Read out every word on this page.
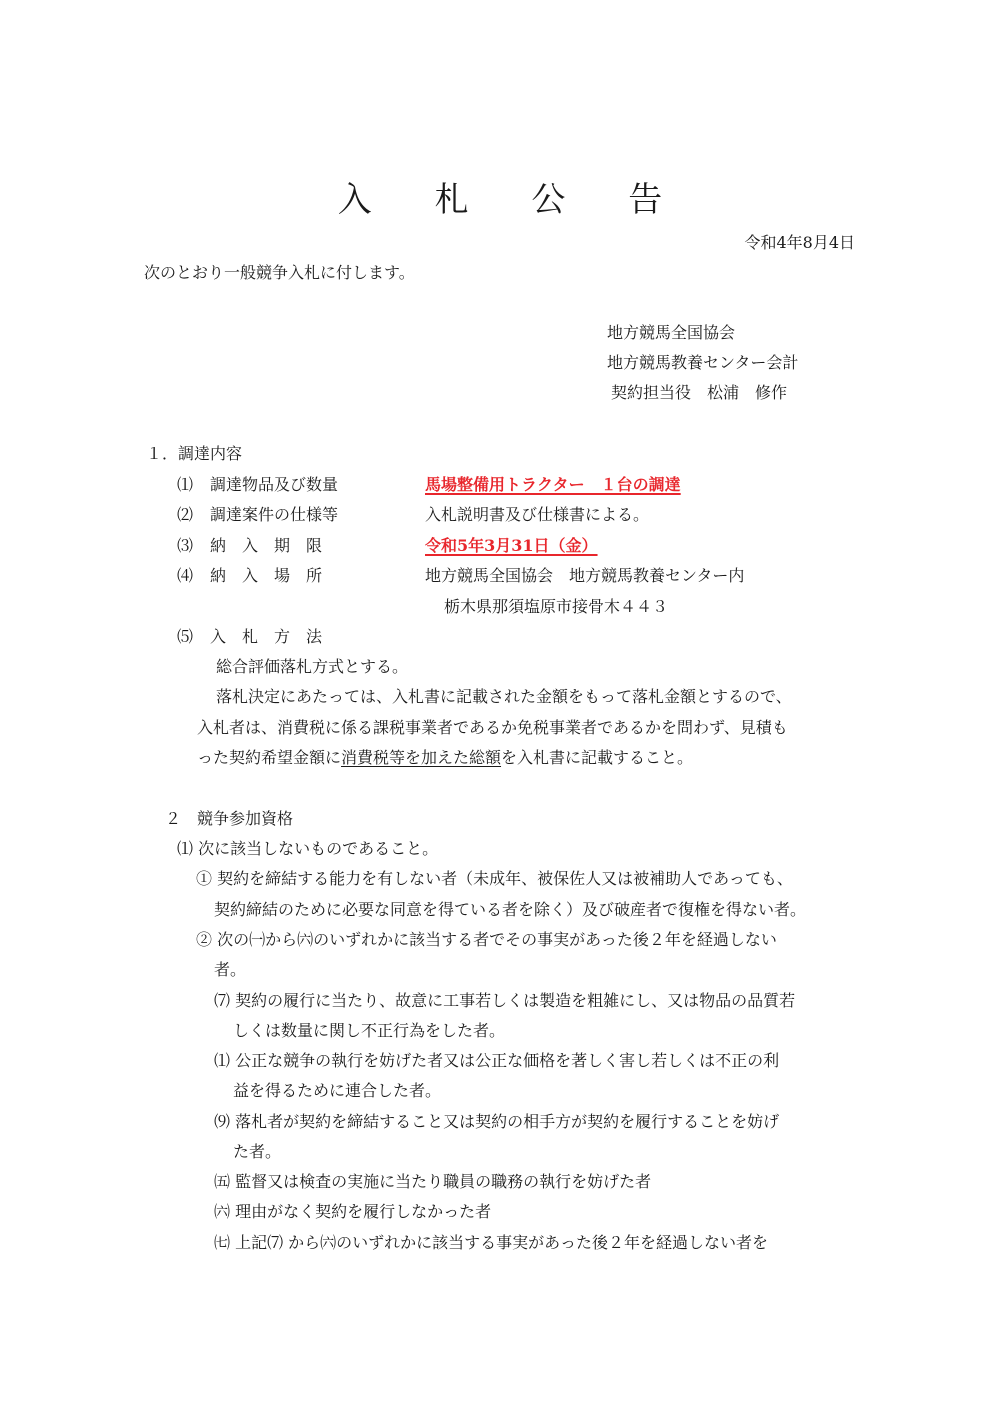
入 札 公 告
令和4年8月4日
次のとおり一般競争入札に付します。
地方競馬全国協会
地方競馬教養センター会計
契約担当役　松浦　修作
１．調達内容
⑴ 調達物品及び数量	馬場整備用トラクター　１台の調達
⑵ 調達案件の仕様等	入札説明書及び仕様書による。
⑶ 納　入　期　限	令和5年3月31日（金）
⑷ 納　入　場　所	地方競馬全国協会　地方競馬教養センター内
栃木県那須塩原市接骨木４４３
⑸ 入　札　方　法
総合評価落札方式とする。
落札決定にあたっては、入札書に記載された金額をもって落札金額とするので、
入札者は、消費税に係る課税事業者であるか免税事業者であるかを問わず、見積も
った契約希望金額に消費税等を加えた総額を入札書に記載すること。
２　競争参加資格
⑴ 次に該当しないものであること。
① 契約を締結する能力を有しない者（未成年、被保佐人又は被補助人であっても、
契約締結のために必要な同意を得ている者を除く）及び破産者で復権を得ない者。
② 次の㈠から㈥のいずれかに該当する者でその事実があった後２年を経過しない
者。
⑺ 契約の履行に当たり、故意に工事若しくは製造を粗雑にし、又は物品の品質若
しくは数量に関し不正行為をした者。
⑴ 公正な競争の執行を妨げた者又は公正な価格を著しく害し若しくは不正の利
益を得るために連合した者。
⑼ 落札者が契約を締結すること又は契約の相手方が契約を履行することを妨げ
た者。
㈤ 監督又は検査の実施に当たり職員の職務の執行を妨げた者
㈥ 理由がなく契約を履行しなかった者
㈦ 上記⑺ から㈥のいずれかに該当する事実があった後２年を経過しない者を
